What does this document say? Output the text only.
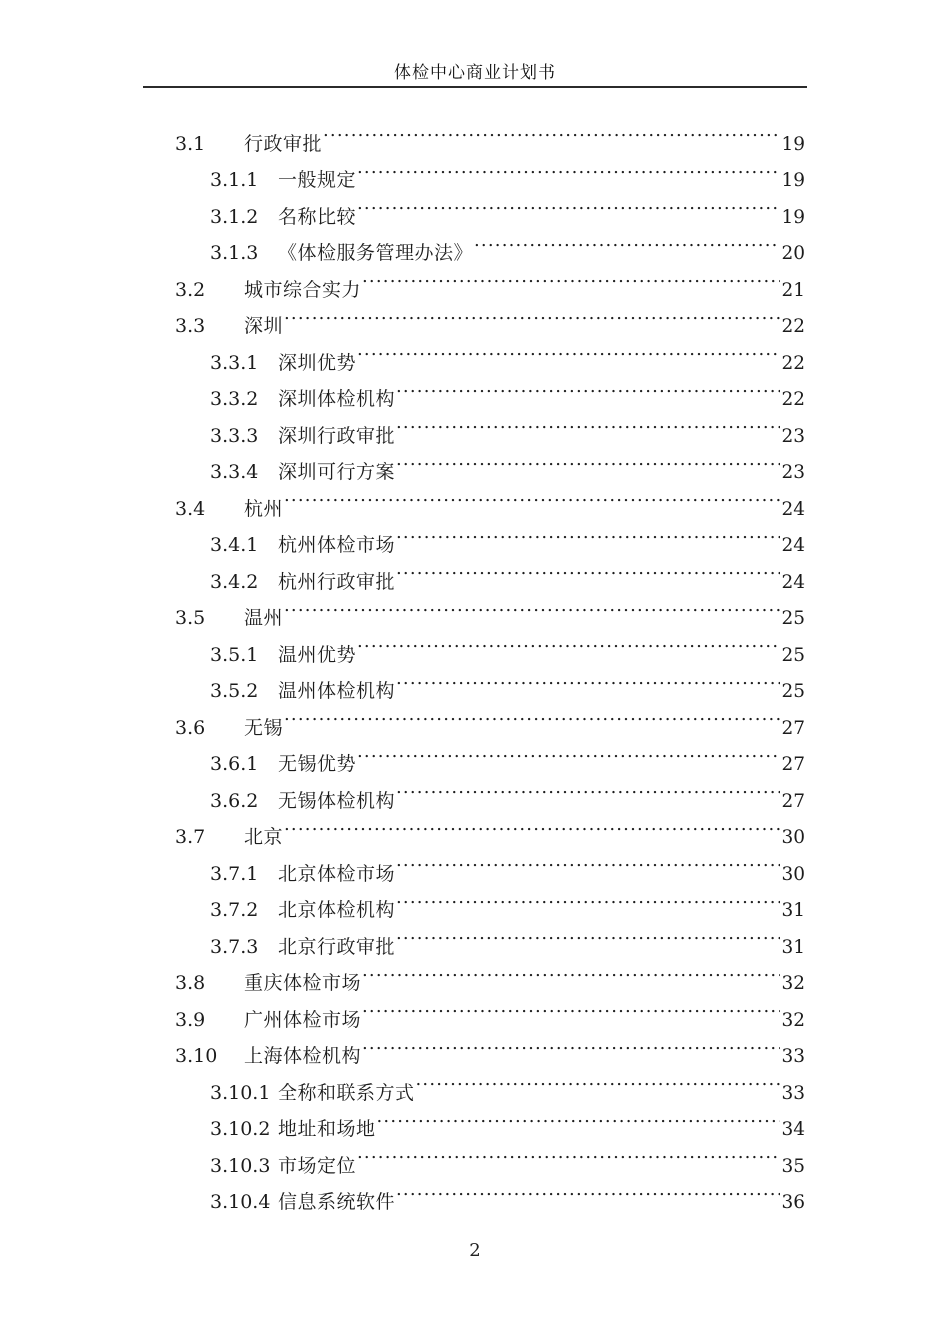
体检中心商业计划书
3.1	行政审批 .....	19
3.1.1	一般规定 .....	19
3.1.2	名称比较 .....	19
3.1.3	《体检服务管理办法》 .....	20
3.2	城市综合实力 .....	21
3.3	深圳 .....	22
3.3.1	深圳优势 .....	22
3.3.2	深圳体检机构 .....	22
3.3.3	深圳行政审批 .....	23
3.3.4	深圳可行方案 .....	23
3.4	杭州 .....	24
3.4.1	杭州体检市场 .....	24
3.4.2	杭州行政审批 .....	24
3.5	温州 .....	25
3.5.1	温州优势 .....	25
3.5.2	温州体检机构 .....	25
3.6	无锡 .....	27
3.6.1	无锡优势 .....	27
3.6.2	无锡体检机构 .....	27
3.7	北京 .....	30
3.7.1	北京体检市场 .....	30
3.7.2	北京体检机构 .....	31
3.7.3	北京行政审批 .....	31
3.8	重庆体检市场 .....	32
3.9	广州体检市场 .....	32
3.10	上海体检机构 .....	33
3.10.1 全称和联系方式 .....	33
3.10.2 地址和场地 .....	34
3.10.3 市场定位 .....	35
3.10.4 信息系统软件 .....	36
2
